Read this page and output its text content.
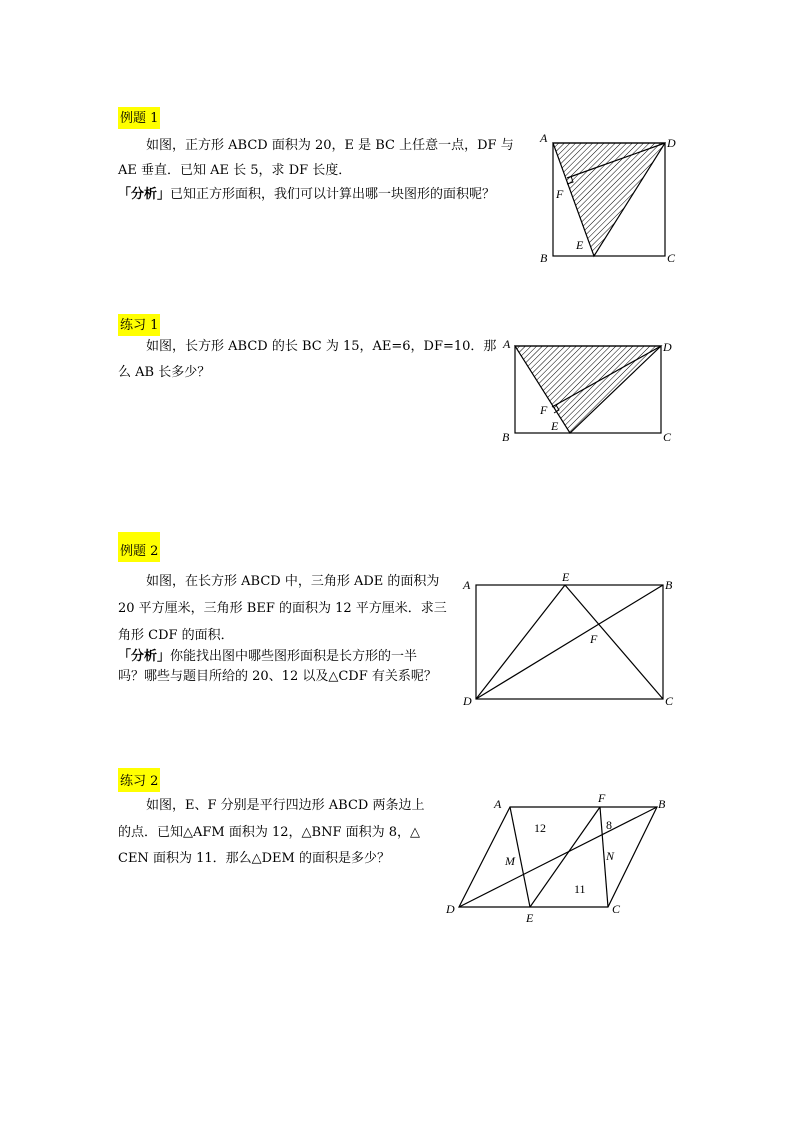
例题 1

如图，正方形 ABCD 面积为 20，E 是 BC 上任意一点，DF 与

AE 垂直．已知 AE 长 5，求 DF 长度．

「分析」已知正方形面积，我们可以计算出哪一块图形的面积呢？

A	D
B	C
E
F
练习 1

如图，长方形 ABCD 的长 BC 为 15，AE=6，DF=10．那

么 AB 长多少？

A	D
B	C
E
F
例题 2

如图，在长方形 ABCD 中，三角形 ADE 的面积为

20 平方厘米，三角形 BEF 的面积为 12 平方厘米．求三

角形 CDF 的面积．

「分析」你能找出图中哪些图形面积是长方形的一半

吗？哪些与题目所给的 20、12 以及△CDF 有关系呢？

A
E
B
D	C
F
练习 2

如图，E、F 分别是平行四边形 ABCD 两条边上

的点．已知△AFM 面积为 12，△BNF 面积为 8，△

CEN 面积为 11．那么△DEM 的面积是多少？

A	F	B
D
E
C
M	N
12	8
11
